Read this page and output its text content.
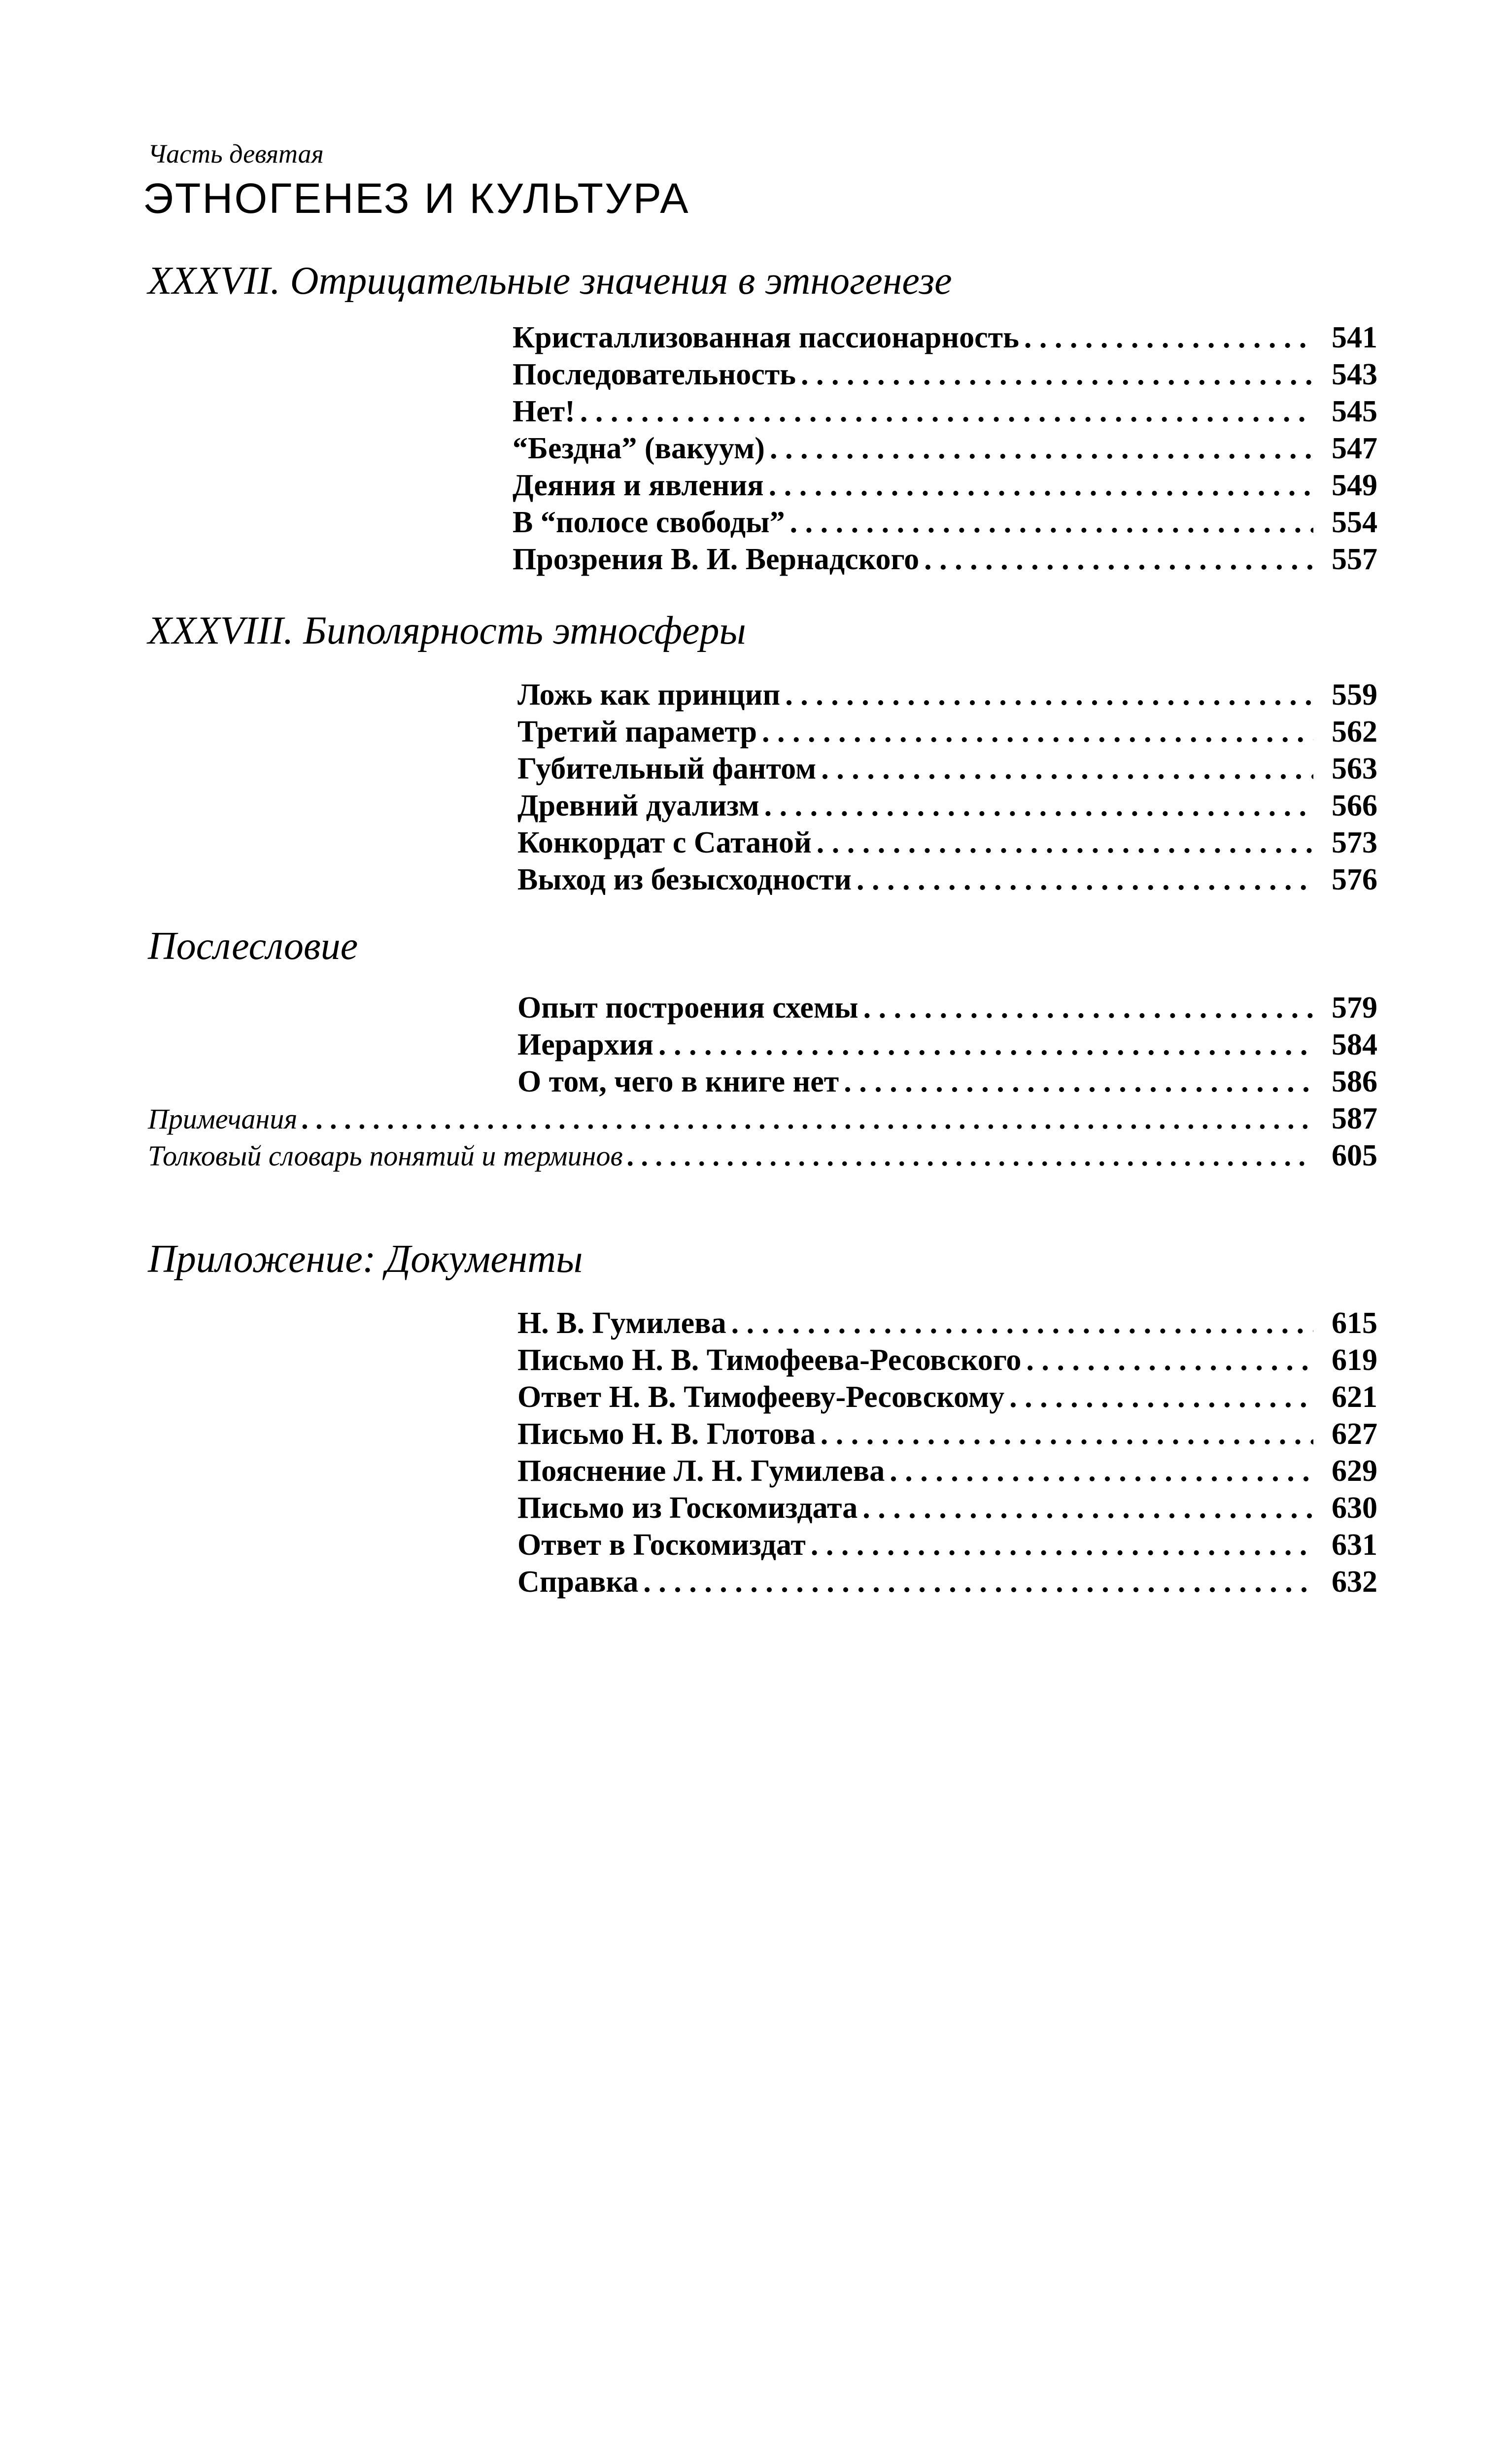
Часть девятая
ЭТНОГЕНЕЗ И КУЛЬТУРА
XXXVII. Отрицательные значения в этногенезе
Кристаллизованная пассионарность . . .	541
Последовательность . . .	543
Нет! . . .	545
“Бездна” (вакуум) . . .	547
Деяния и явления . . .	549
В “полосе свободы” . . .	554
Прозрения В. И. Вернадского . . .	557
XXXVIII. Биполярность этносферы
Ложь как принцип . . .	559
Третий параметр . . .	562
Губительный фантом . . .	563
Древний дуализм . . .	566
Конкордат с Сатаной . . .	573
Выход из безысходности . . .	576
Послесловие
Опыт построения схемы . . .	579
Иерархия . . .	584
О том, чего в книге нет . . .	586
Примечания . . .	587
Толковый словарь понятий и терминов . . .	605
Приложение: Документы
Н. В. Гумилева . . .	615
Письмо Н. В. Тимофеева-Ресовского . . .	619
Ответ Н. В. Тимофееву-Ресовскому . . .	621
Письмо Н. В. Глотова . . .	627
Пояснение Л. Н. Гумилева . . .	629
Письмо из Госкомиздата . . .	630
Ответ в Госкомиздат . . .	631
Справка . . .	632
